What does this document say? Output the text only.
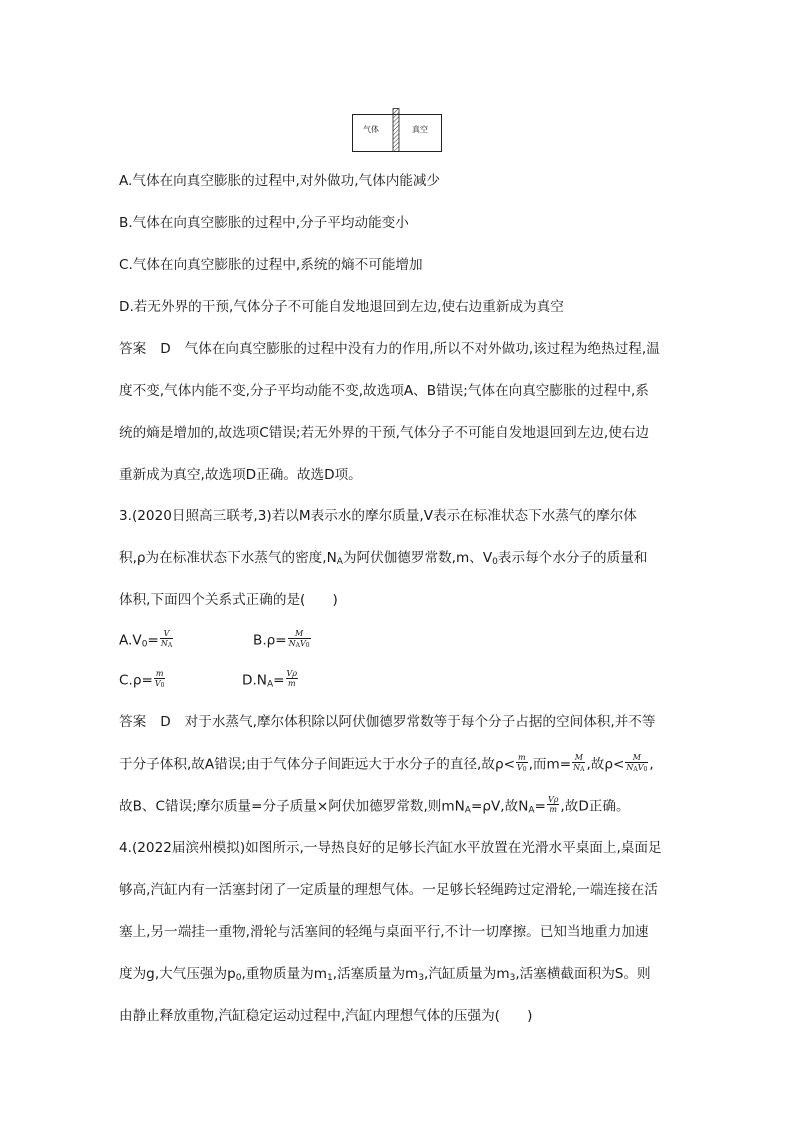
气体	真空
A.气体在向真空膨胀的过程中,对外做功,气体内能减少
B.气体在向真空膨胀的过程中,分子平均动能变小
C.气体在向真空膨胀的过程中,系统的熵不可能增加
D.若无外界的干预,气体分子不可能自发地退回到左边,使右边重新成为真空
答案 D 气体在向真空膨胀的过程中没有力的作用,所以不对外做功,该过程为绝热过程,温
度不变,气体内能不变,分子平均动能不变,故选项A、B错误;气体在向真空膨胀的过程中,系
统的熵是增加的,故选项C错误;若无外界的干预,气体分子不可能自发地退回到左边,使右边
重新成为真空,故选项D正确。故选D项。
3.(2020日照高三联考,3)若以M表示水的摩尔质量,V表示在标准状态下水蒸气的摩尔体
积,ρ为在标准状态下水蒸气的密度$,N_A$为阿伏伽德罗常数,m、$V_0$表示每个水分子的质量和
体积,下面四个关系式正确的是(　　)
$A.V_0= \frac{V}{N_A}$	$B.\rho= \frac{M}{N_AV_0}$
$C.\rho= \frac{m}{V_0}$	$D.N_A= \frac{V\rho}{m}$
答案 D 对于水蒸气,摩尔体积除以阿伏伽德罗常数等于每个分子占据的空间体积,并不等
于分子体积,故A错误;由于气体分子间距远大于水分子的直径,故$\rho< \frac{m}{V_0}$ ,而$m= \frac{M}{N_A}$ ,故$\rho< \frac{M}{N_AV_0}$ ,
故B、C错误;摩尔质量=分子质量×阿伏加德罗常数,则$mN_A=\rho V$,故$N_A= \frac{V\rho}{m}$ ,故D正确。
4.(2022届滨州模拟)如图所示,一导热良好的足够长汽缸水平放置在光滑水平桌面上,桌面足
够高,汽缸内有一活塞封闭了一定质量的理想气体。一足够长轻绳跨过定滑轮,一端连接在活
塞上,另一端挂一重物,滑轮与活塞间的轻绳与桌面平行,不计一切摩擦。已知当地重力加速
度为g,大气压强为$p_0$,重物质量为$m_1$,活塞质量为$m_3$,汽缸质量为$m_3$,活塞横截面积为S。则
由静止释放重物,汽缸稳定运动过程中,汽缸内理想气体的压强为(　　)
